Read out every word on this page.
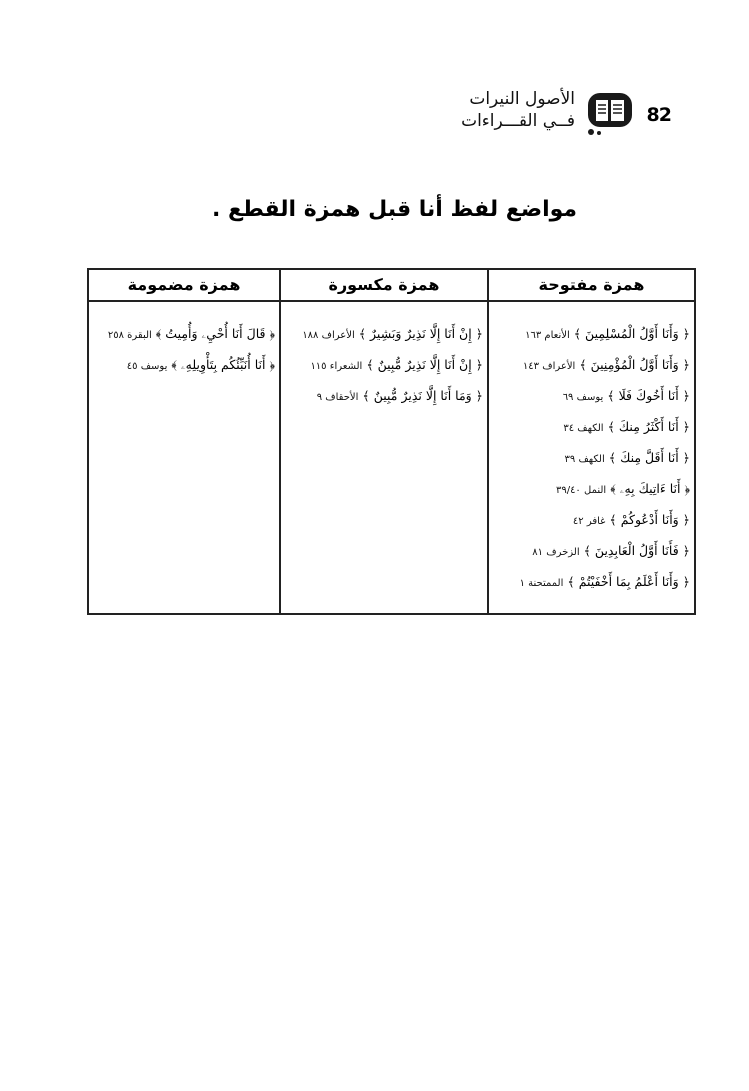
82
الأصول النيرات
فــي القـــراءات
مواضع لفظ أنا قبل همزة القطع .
همزة مفتوحة
﴿ وَأَنَا أَوَّلُ الْمُسْلِمِينَ ﴾الأنعام ١٦٣
﴿ وَأَنَا أَوَّلُ الْمُؤْمِنِينَ ﴾الأعراف ١٤٣
﴿ أَنَا أَخُوكَ فَلَا ﴾يوسف ٦٩
﴿ أَنَا أَكْثَرُ مِنكَ ﴾الكهف ٣٤
﴿ أَنَا أَقَلَّ مِنكَ ﴾الكهف ٣٩
﴿ أَنَا ءَاتِيكَ بِهِۦ ﴾النمل ٣٩/٤٠
﴿ وَأَنَا أَدْعُوكُمْ ﴾غافر ٤٢
﴿ فَأَنَا أَوَّلُ الْعَابِدِينَ ﴾الزخرف ٨١
﴿ وَأَنَا أَعْلَمُ بِمَا أَخْفَيْتُمْ ﴾الممتحنة ١
همزة مكسورة
﴿ إِنْ أَنَا إِلَّا نَذِيرٌ وَبَشِيرٌ ﴾الأعراف ١٨٨
﴿ إِنْ أَنَا إِلَّا نَذِيرٌ مُّبِينٌ ﴾الشعراء ١١٥
﴿ وَمَا أَنَا إِلَّا نَذِيرٌ مُّبِينٌ ﴾الأحقاف ٩
همزة مضمومة
﴿ قَالَ أَنَا أُحْيِۦ وَأُمِيتُ ﴾البقرة ٢٥٨
﴿ أَنَا أُنَبِّئُكُم بِتَأْوِيلِهِۦ ﴾يوسف ٤٥
